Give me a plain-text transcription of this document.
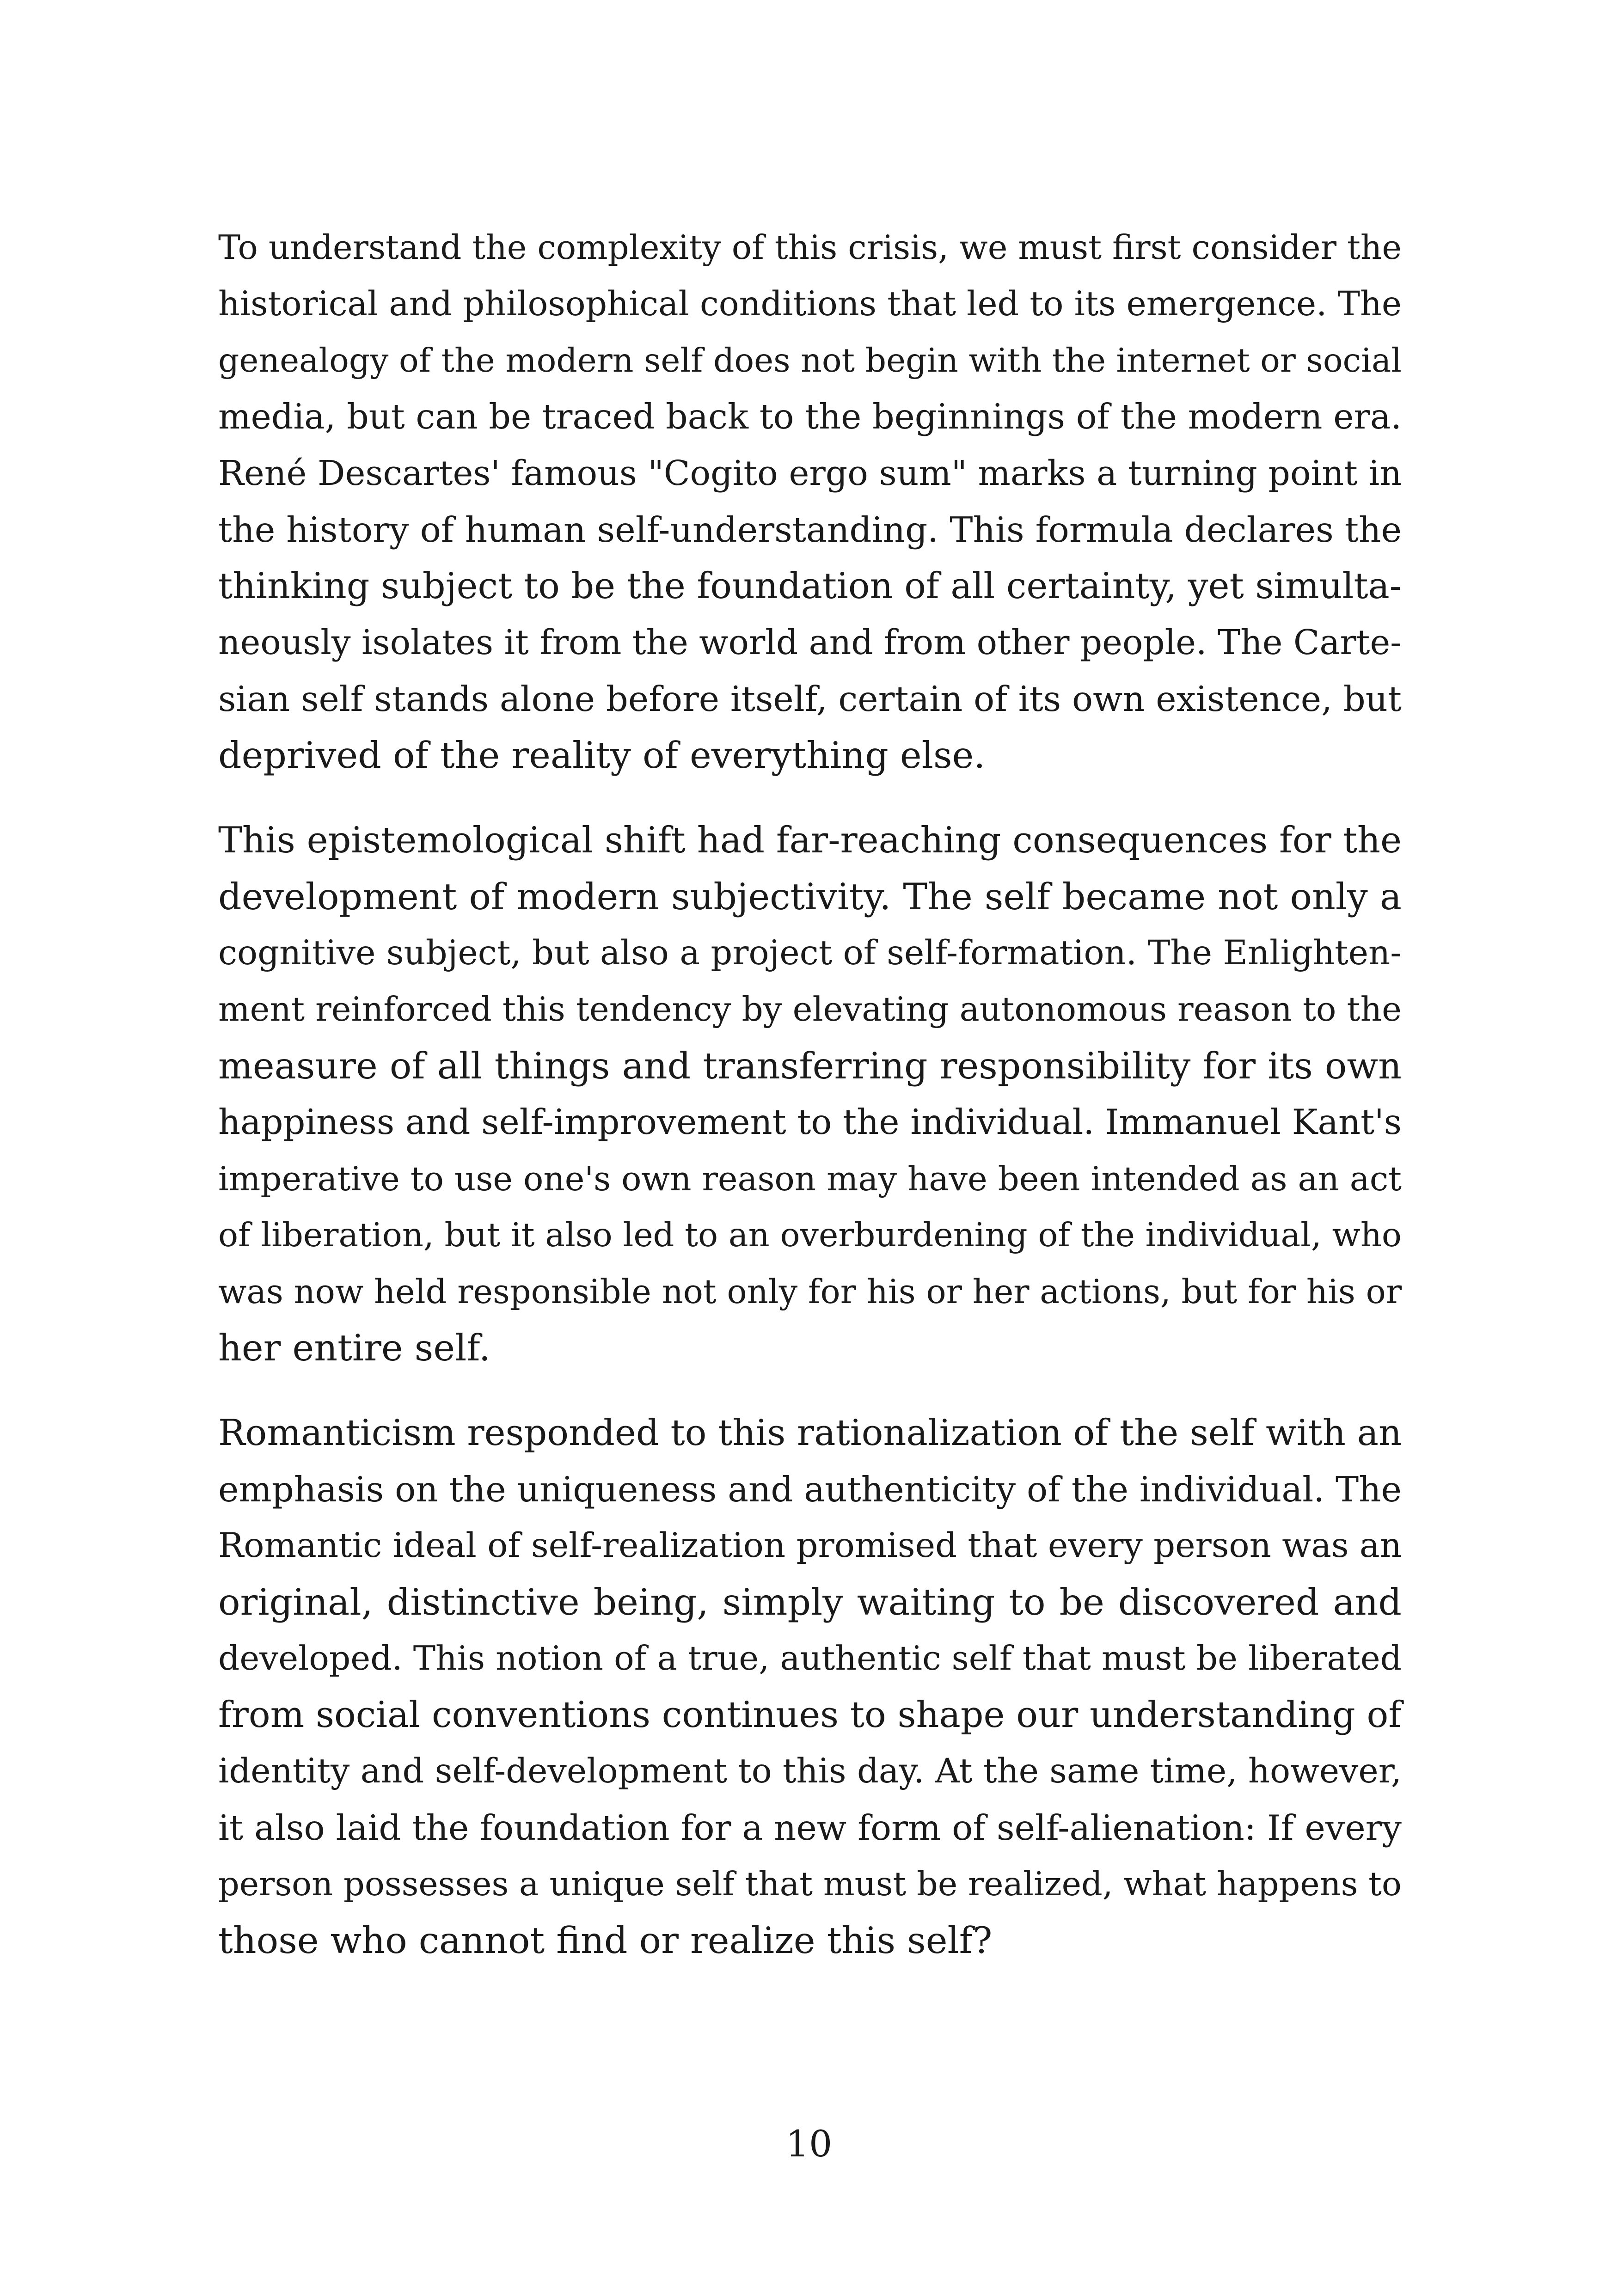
To understand the complexity of this crisis, we must first consider the
historical and philosophical conditions that led to its emergence. The
genealogy of the modern self does not begin with the internet or social
media, but can be traced back to the beginnings of the modern era.
René Descartes' famous "Cogito ergo sum" marks a turning point in
the history of human self-understanding. This formula declares the
thinking subject to be the foundation of all certainty, yet simulta-
neously isolates it from the world and from other people. The Carte-
sian self stands alone before itself, certain of its own existence, but
deprived of the reality of everything else.

This epistemological shift had far-reaching consequences for the
development of modern subjectivity. The self became not only a
cognitive subject, but also a project of self-formation. The Enlighten-
ment reinforced this tendency by elevating autonomous reason to the
measure of all things and transferring responsibility for its own
happiness and self-improvement to the individual. Immanuel Kant's
imperative to use one's own reason may have been intended as an act
of liberation, but it also led to an overburdening of the individual, who
was now held responsible not only for his or her actions, but for his or
her entire self.

Romanticism responded to this rationalization of the self with an
emphasis on the uniqueness and authenticity of the individual. The
Romantic ideal of self-realization promised that every person was an
original, distinctive being, simply waiting to be discovered and
developed. This notion of a true, authentic self that must be liberated
from social conventions continues to shape our understanding of
identity and self-development to this day. At the same time, however,
it also laid the foundation for a new form of self-alienation: If every
person possesses a unique self that must be realized, what happens to
those who cannot find or realize this self?

10
